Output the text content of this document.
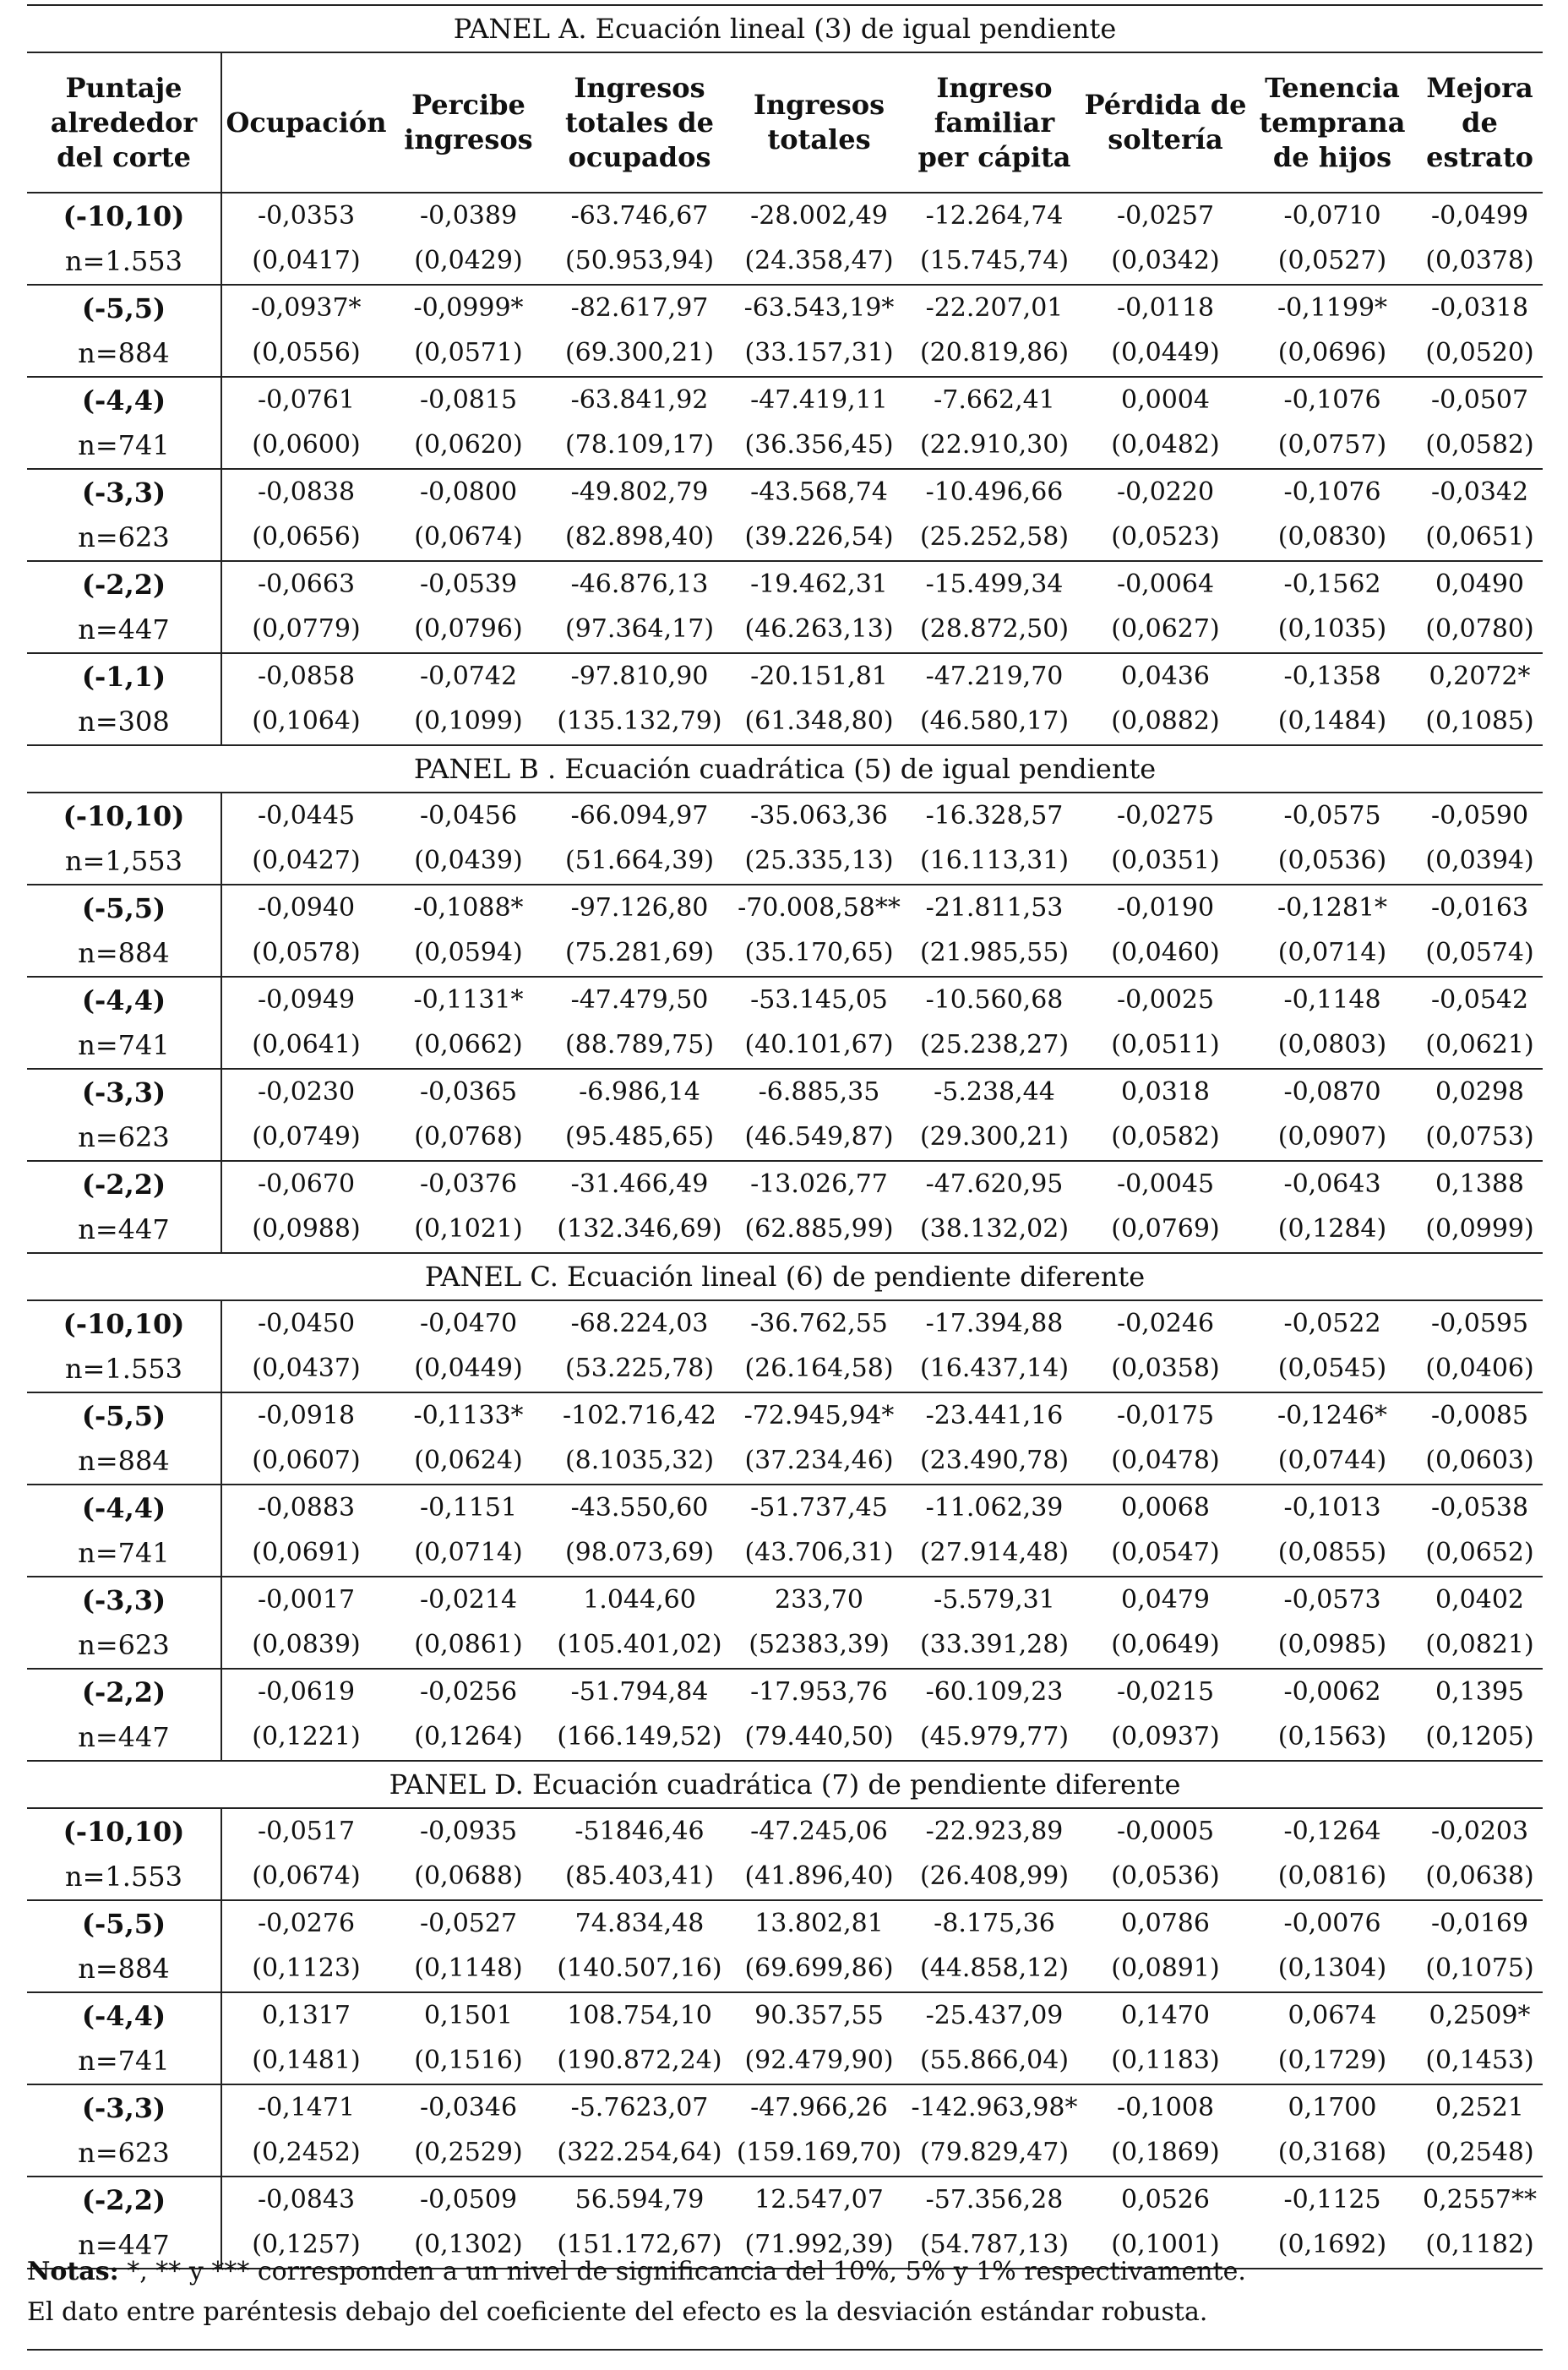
PANEL A. Ecuación lineal (3) de igual pendiente								
Puntaje alrededor del corte	Ocupación	Percibe ingresos	Ingresos totales de ocupados	Ingresos totales	Ingreso familiar per cápita	Pérdida de soltería	Tenencia temprana de hijos	Mejora de estrato
(-10,10)	-0,0353	-0,0389	-63.746,67	-28.002,49	-12.264,74	-0,0257	-0,0710	-0,0499
n=1.553	(0,0417)	(0,0429)	(50.953,94)	(24.358,47)	(15.745,74)	(0,0342)	(0,0527)	(0,0378)
(-5,5)	-0,0937*	-0,0999*	-82.617,97	-63.543,19*	-22.207,01	-0,0118	-0,1199*	-0,0318
n=884	(0,0556)	(0,0571)	(69.300,21)	(33.157,31)	(20.819,86)	(0,0449)	(0,0696)	(0,0520)
(-4,4)	-0,0761	-0,0815	-63.841,92	-47.419,11	-7.662,41	0,0004	-0,1076	-0,0507
n=741	(0,0600)	(0,0620)	(78.109,17)	(36.356,45)	(22.910,30)	(0,0482)	(0,0757)	(0,0582)
(-3,3)	-0,0838	-0,0800	-49.802,79	-43.568,74	-10.496,66	-0,0220	-0,1076	-0,0342
n=623	(0,0656)	(0,0674)	(82.898,40)	(39.226,54)	(25.252,58)	(0,0523)	(0,0830)	(0,0651)
(-2,2)	-0,0663	-0,0539	-46.876,13	-19.462,31	-15.499,34	-0,0064	-0,1562	0,0490
n=447	(0,0779)	(0,0796)	(97.364,17)	(46.263,13)	(28.872,50)	(0,0627)	(0,1035)	(0,0780)
(-1,1)	-0,0858	-0,0742	-97.810,90	-20.151,81	-47.219,70	0,0436	-0,1358	0,2072*
n=308	(0,1064)	(0,1099)	(135.132,79)	(61.348,80)	(46.580,17)	(0,0882)	(0,1484)	(0,1085)
PANEL B . Ecuación cuadrática (5) de igual pendiente								
(-10,10)	-0,0445	-0,0456	-66.094,97	-35.063,36	-16.328,57	-0,0275	-0,0575	-0,0590
n=1,553	(0,0427)	(0,0439)	(51.664,39)	(25.335,13)	(16.113,31)	(0,0351)	(0,0536)	(0,0394)
(-5,5)	-0,0940	-0,1088*	-97.126,80	-70.008,58**	-21.811,53	-0,0190	-0,1281*	-0,0163
n=884	(0,0578)	(0,0594)	(75.281,69)	(35.170,65)	(21.985,55)	(0,0460)	(0,0714)	(0,0574)
(-4,4)	-0,0949	-0,1131*	-47.479,50	-53.145,05	-10.560,68	-0,0025	-0,1148	-0,0542
n=741	(0,0641)	(0,0662)	(88.789,75)	(40.101,67)	(25.238,27)	(0,0511)	(0,0803)	(0,0621)
(-3,3)	-0,0230	-0,0365	-6.986,14	-6.885,35	-5.238,44	0,0318	-0,0870	0,0298
n=623	(0,0749)	(0,0768)	(95.485,65)	(46.549,87)	(29.300,21)	(0,0582)	(0,0907)	(0,0753)
(-2,2)	-0,0670	-0,0376	-31.466,49	-13.026,77	-47.620,95	-0,0045	-0,0643	0,1388
n=447	(0,0988)	(0,1021)	(132.346,69)	(62.885,99)	(38.132,02)	(0,0769)	(0,1284)	(0,0999)
PANEL C. Ecuación lineal (6) de pendiente diferente								
(-10,10)	-0,0450	-0,0470	-68.224,03	-36.762,55	-17.394,88	-0,0246	-0,0522	-0,0595
n=1.553	(0,0437)	(0,0449)	(53.225,78)	(26.164,58)	(16.437,14)	(0,0358)	(0,0545)	(0,0406)
(-5,5)	-0,0918	-0,1133*	-102.716,42	-72.945,94*	-23.441,16	-0,0175	-0,1246*	-0,0085
n=884	(0,0607)	(0,0624)	(8.1035,32)	(37.234,46)	(23.490,78)	(0,0478)	(0,0744)	(0,0603)
(-4,4)	-0,0883	-0,1151	-43.550,60	-51.737,45	-11.062,39	0,0068	-0,1013	-0,0538
n=741	(0,0691)	(0,0714)	(98.073,69)	(43.706,31)	(27.914,48)	(0,0547)	(0,0855)	(0,0652)
(-3,3)	-0,0017	-0,0214	1.044,60	233,70	-5.579,31	0,0479	-0,0573	0,0402
n=623	(0,0839)	(0,0861)	(105.401,02)	(52383,39)	(33.391,28)	(0,0649)	(0,0985)	(0,0821)
(-2,2)	-0,0619	-0,0256	-51.794,84	-17.953,76	-60.109,23	-0,0215	-0,0062	0,1395
n=447	(0,1221)	(0,1264)	(166.149,52)	(79.440,50)	(45.979,77)	(0,0937)	(0,1563)	(0,1205)
PANEL D. Ecuación cuadrática (7) de pendiente diferente								
(-10,10)	-0,0517	-0,0935	-51846,46	-47.245,06	-22.923,89	-0,0005	-0,1264	-0,0203
n=1.553	(0,0674)	(0,0688)	(85.403,41)	(41.896,40)	(26.408,99)	(0,0536)	(0,0816)	(0,0638)
(-5,5)	-0,0276	-0,0527	74.834,48	13.802,81	-8.175,36	0,0786	-0,0076	-0,0169
n=884	(0,1123)	(0,1148)	(140.507,16)	(69.699,86)	(44.858,12)	(0,0891)	(0,1304)	(0,1075)
(-4,4)	0,1317	0,1501	108.754,10	90.357,55	-25.437,09	0,1470	0,0674	0,2509*
n=741	(0,1481)	(0,1516)	(190.872,24)	(92.479,90)	(55.866,04)	(0,1183)	(0,1729)	(0,1453)
(-3,3)	-0,1471	-0,0346	-5.7623,07	-47.966,26	-142.963,98*	-0,1008	0,1700	0,2521
n=623	(0,2452)	(0,2529)	(322.254,64)	(159.169,70)	(79.829,47)	(0,1869)	(0,3168)	(0,2548)
(-2,2)	-0,0843	-0,0509	56.594,79	12.547,07	-57.356,28	0,0526	-0,1125	0,2557**
n=447	(0,1257)	(0,1302)	(151.172,67)	(71.992,39)	(54.787,13)	(0,1001)	(0,1692)	(0,1182)
Notas: *, ** y *** corresponden a un nivel de significancia del 10%, 5% y 1% respectivamente.
El dato entre paréntesis debajo del coeficiente del efecto es la desviación estándar robusta.
